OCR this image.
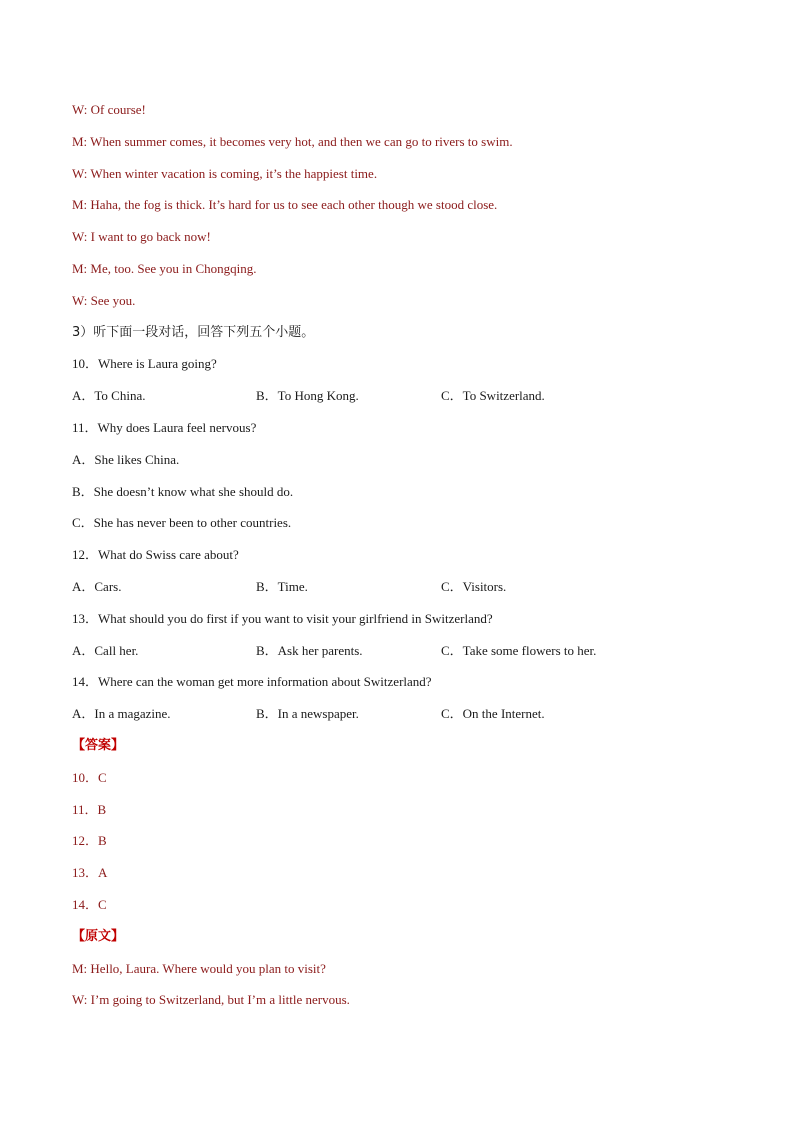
W: Of course!
M: When summer comes, it becomes very hot, and then we can go to rivers to swim.
W: When winter vacation is coming, it’s the happiest time.
M: Haha, the fog is thick. It’s hard for us to see each other though we stood close.
W: I want to go back now!
M: Me, too. See you in Chongqing.
W: See you.
3）听下面一段对话，回答下列五个小题。
10．Where is Laura going?
A．To China.	B．To Hong Kong.	C．To Switzerland.
11．Why does Laura feel nervous?
A．She likes China.
B．She doesn’t know what she should do.
C．She has never been to other countries.
12．What do Swiss care about?
A．Cars.	B．Time.	C．Visitors.
13．What should you do first if you want to visit your girlfriend in Switzerland?
A．Call her.	B．Ask her parents.	C．Take some flowers to her.
14．Where can the woman get more information about Switzerland?
A．In a magazine.	B．In a newspaper.	C．On the Internet.
【答案】
10．C
11．B
12．B
13．A
14．C
【原文】
M: Hello, Laura. Where would you plan to visit?
W: I’m going to Switzerland, but I’m a little nervous.
